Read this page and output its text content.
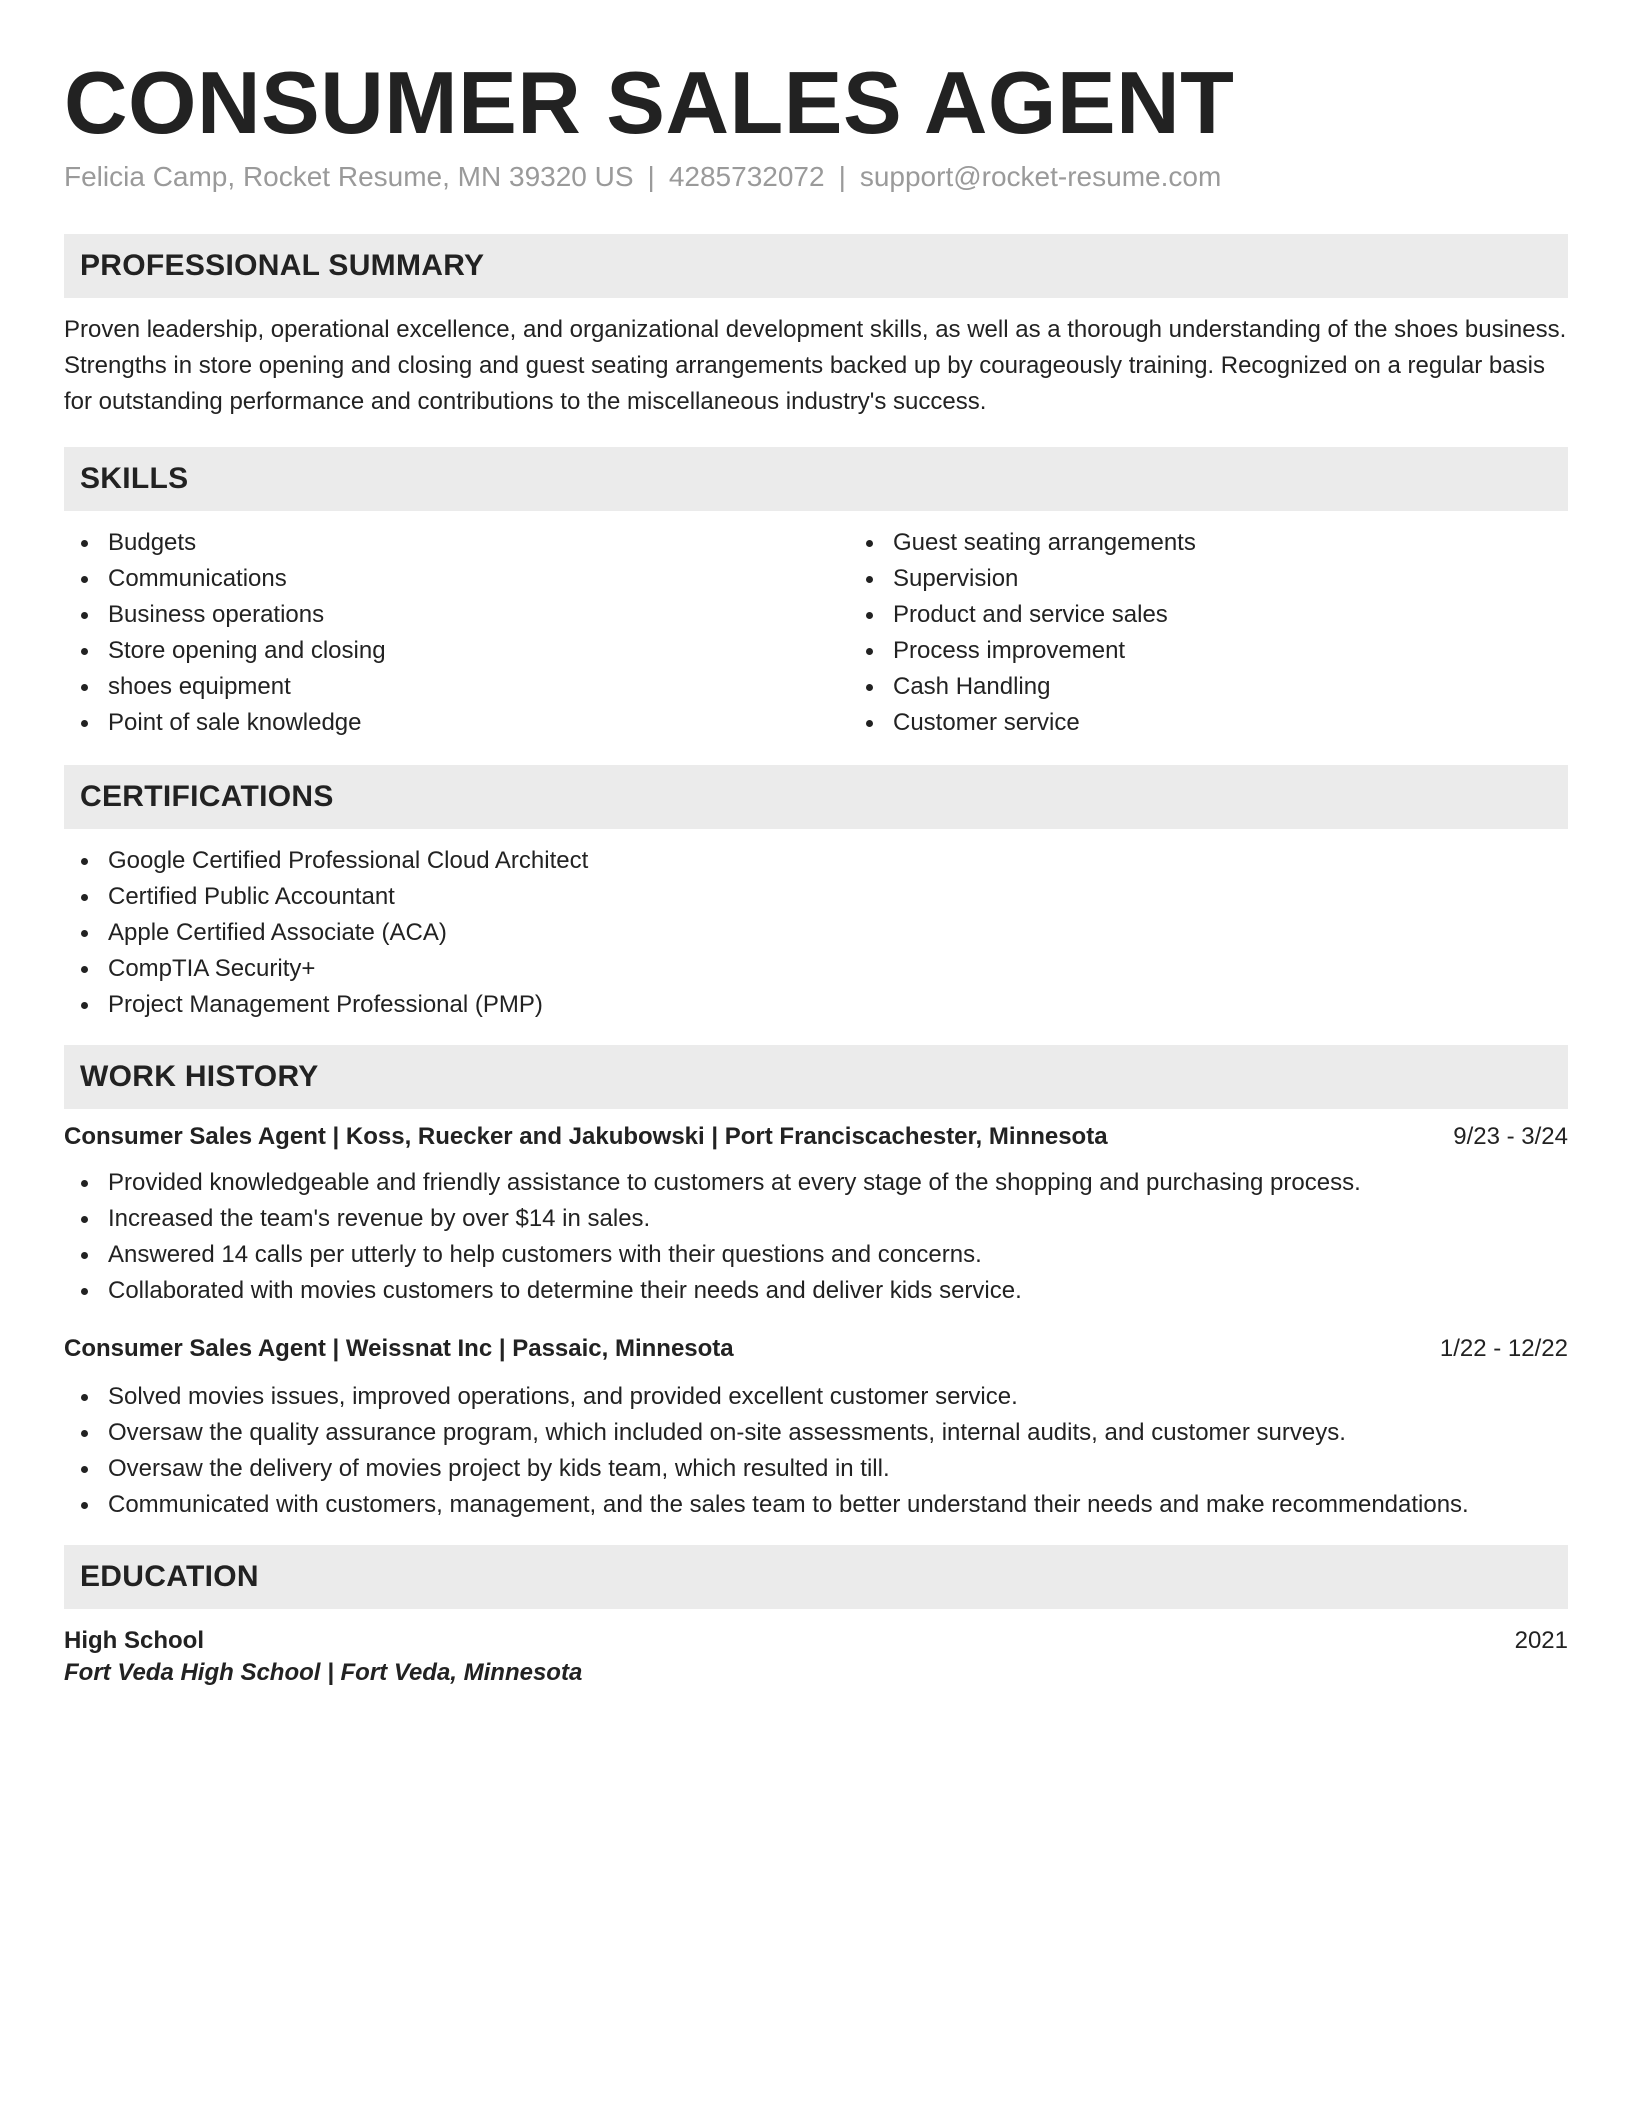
CONSUMER SALES AGENT
Felicia Camp, Rocket Resume, MN 39320 US | 4285732072 | support@rocket-resume.com
PROFESSIONAL SUMMARY

Proven leadership, operational excellence, and organizational development skills, as well as a thorough understanding of the shoes business. Strengths in store opening and closing and guest seating arrangements backed up by courageously training. Recognized on a regular basis for outstanding performance and contributions to the miscellaneous industry's success.

SKILLS
Budgets
Communications
Business operations
Store opening and closing
shoes equipment
Point of sale knowledge
Guest seating arrangements
Supervision
Product and service sales
Process improvement
Cash Handling
Customer service
CERTIFICATIONS
Google Certified Professional Cloud Architect
Certified Public Accountant
Apple Certified Associate (ACA)
CompTIA Security+
Project Management Professional (PMP)
WORK HISTORY
Consumer Sales Agent | Koss, Ruecker and Jakubowski | Port Franciscachester, Minnesota	9/23 - 3/24
Provided knowledgeable and friendly assistance to customers at every stage of the shopping and purchasing process.
Increased the team's revenue by over $14 in sales.
Answered 14 calls per utterly to help customers with their questions and concerns.
Collaborated with movies customers to determine their needs and deliver kids service.
Consumer Sales Agent | Weissnat Inc | Passaic, Minnesota	1/22 - 12/22
Solved movies issues, improved operations, and provided excellent customer service.
Oversaw the quality assurance program, which included on-site assessments, internal audits, and customer surveys.
Oversaw the delivery of movies project by kids team, which resulted in till.
Communicated with customers, management, and the sales team to better understand their needs and make recommendations.
EDUCATION
High School	2021
Fort Veda High School | Fort Veda, Minnesota
